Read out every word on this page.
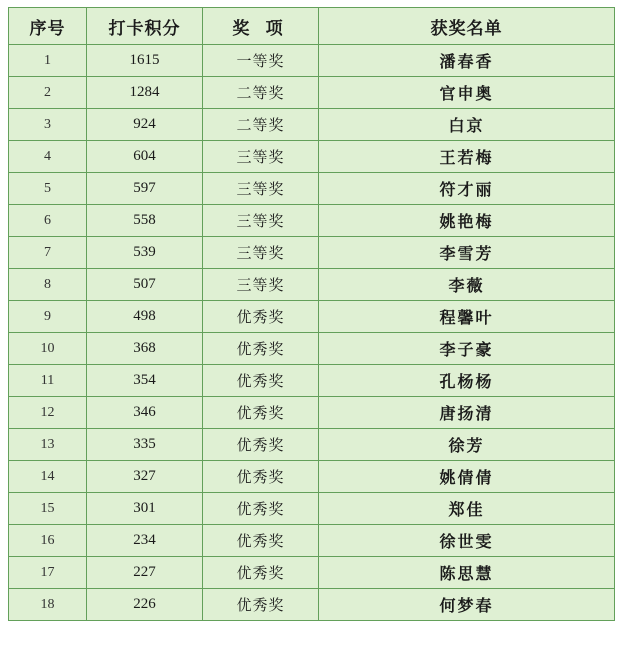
序号	打卡积分	奖 项	获奖名单
1	1615	一等奖	潘春香
2	1284	二等奖	官申奥
3	924	二等奖	白京
4	604	三等奖	王若梅
5	597	三等奖	符才丽
6	558	三等奖	姚艳梅
7	539	三等奖	李雪芳
8	507	三等奖	李薇
9	498	优秀奖	程馨叶
10	368	优秀奖	李子豪
11	354	优秀奖	孔杨杨
12	346	优秀奖	唐扬清
13	335	优秀奖	徐芳
14	327	优秀奖	姚倩倩
15	301	优秀奖	郑佳
16	234	优秀奖	徐世雯
17	227	优秀奖	陈思慧
18	226	优秀奖	何梦春
